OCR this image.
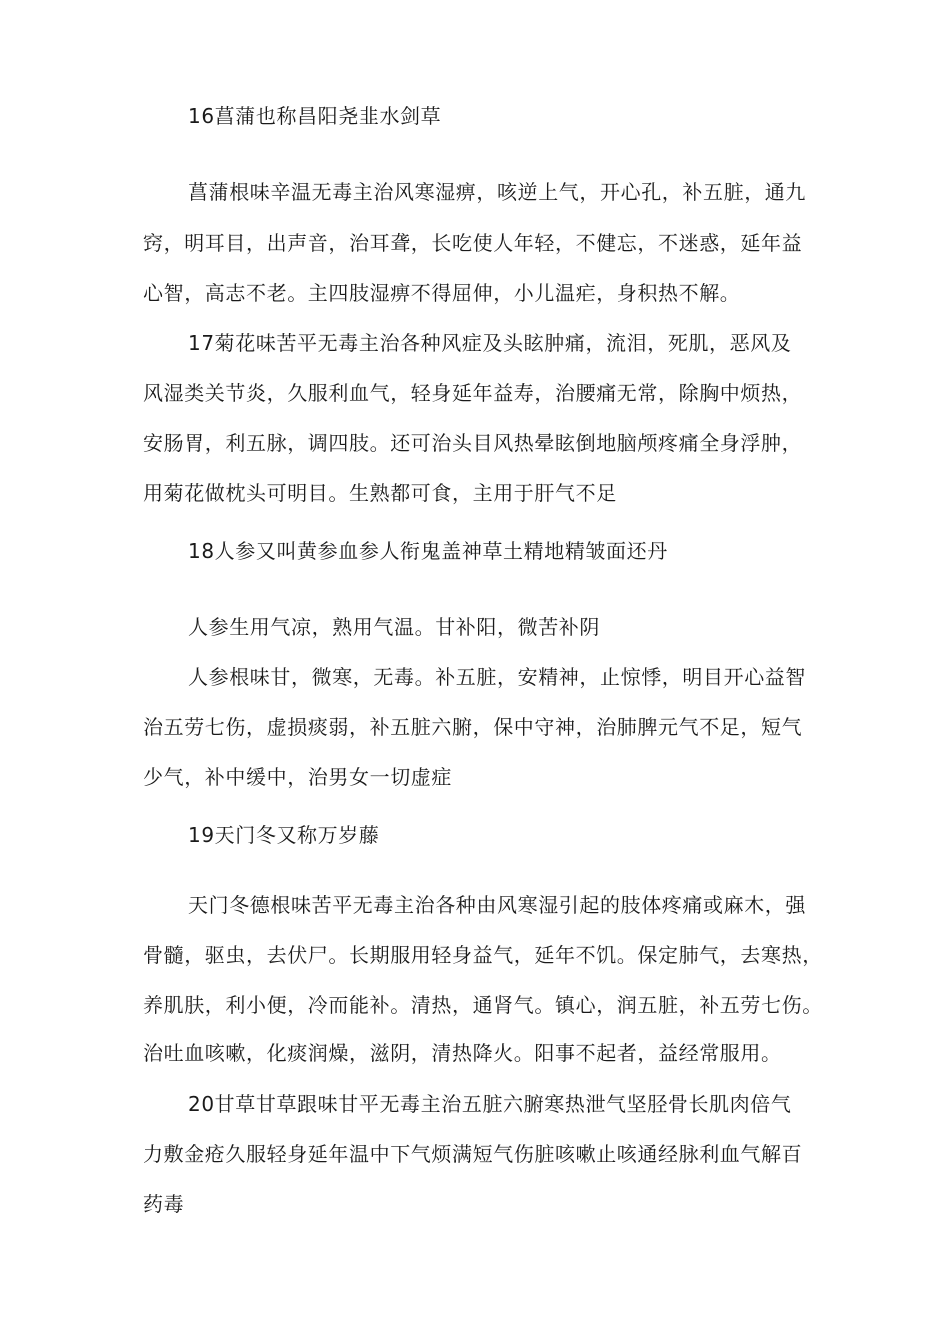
16菖蒲也称昌阳尧韭水剑草

菖蒲根味辛温无毒主治风寒湿痹，咳逆上气，开心孔，补五脏，通九

窍，明耳目，出声音，治耳聋，长吃使人年轻，不健忘，不迷惑，延年益

心智，高志不老。主四肢湿痹不得屈伸，小儿温疟，身积热不解。

17菊花味苦平无毒主治各种风症及头眩肿痛，流泪，死肌，恶风及

风湿类关节炎，久服利血气，轻身延年益寿，治腰痛无常，除胸中烦热，

安肠胃，利五脉，调四肢。还可治头目风热晕眩倒地脑颅疼痛全身浮肿，

用菊花做枕头可明目。生熟都可食，主用于肝气不足

18人参又叫黄参血参人衔鬼盖神草土精地精皱面还丹

人参生用气凉，熟用气温。甘补阳，微苦补阴

人参根味甘，微寒，无毒。补五脏，安精神，止惊悸，明目开心益智

治五劳七伤，虚损痰弱，补五脏六腑，保中守神，治肺脾元气不足，短气

少气，补中缓中，治男女一切虚症

19天门冬又称万岁藤

天门冬德根味苦平无毒主治各种由风寒湿引起的肢体疼痛或麻木，强

骨髓，驱虫，去伏尸。长期服用轻身益气，延年不饥。保定肺气，去寒热，

养肌肤，利小便，冷而能补。清热，通肾气。镇心，润五脏，补五劳七伤。

治吐血咳嗽，化痰润燥，滋阴，清热降火。阳事不起者，益经常服用。

20甘草甘草跟味甘平无毒主治五脏六腑寒热泄气坚胫骨长肌肉倍气

力敷金疮久服轻身延年温中下气烦满短气伤脏咳嗽止咳通经脉利血气解百

药毒
